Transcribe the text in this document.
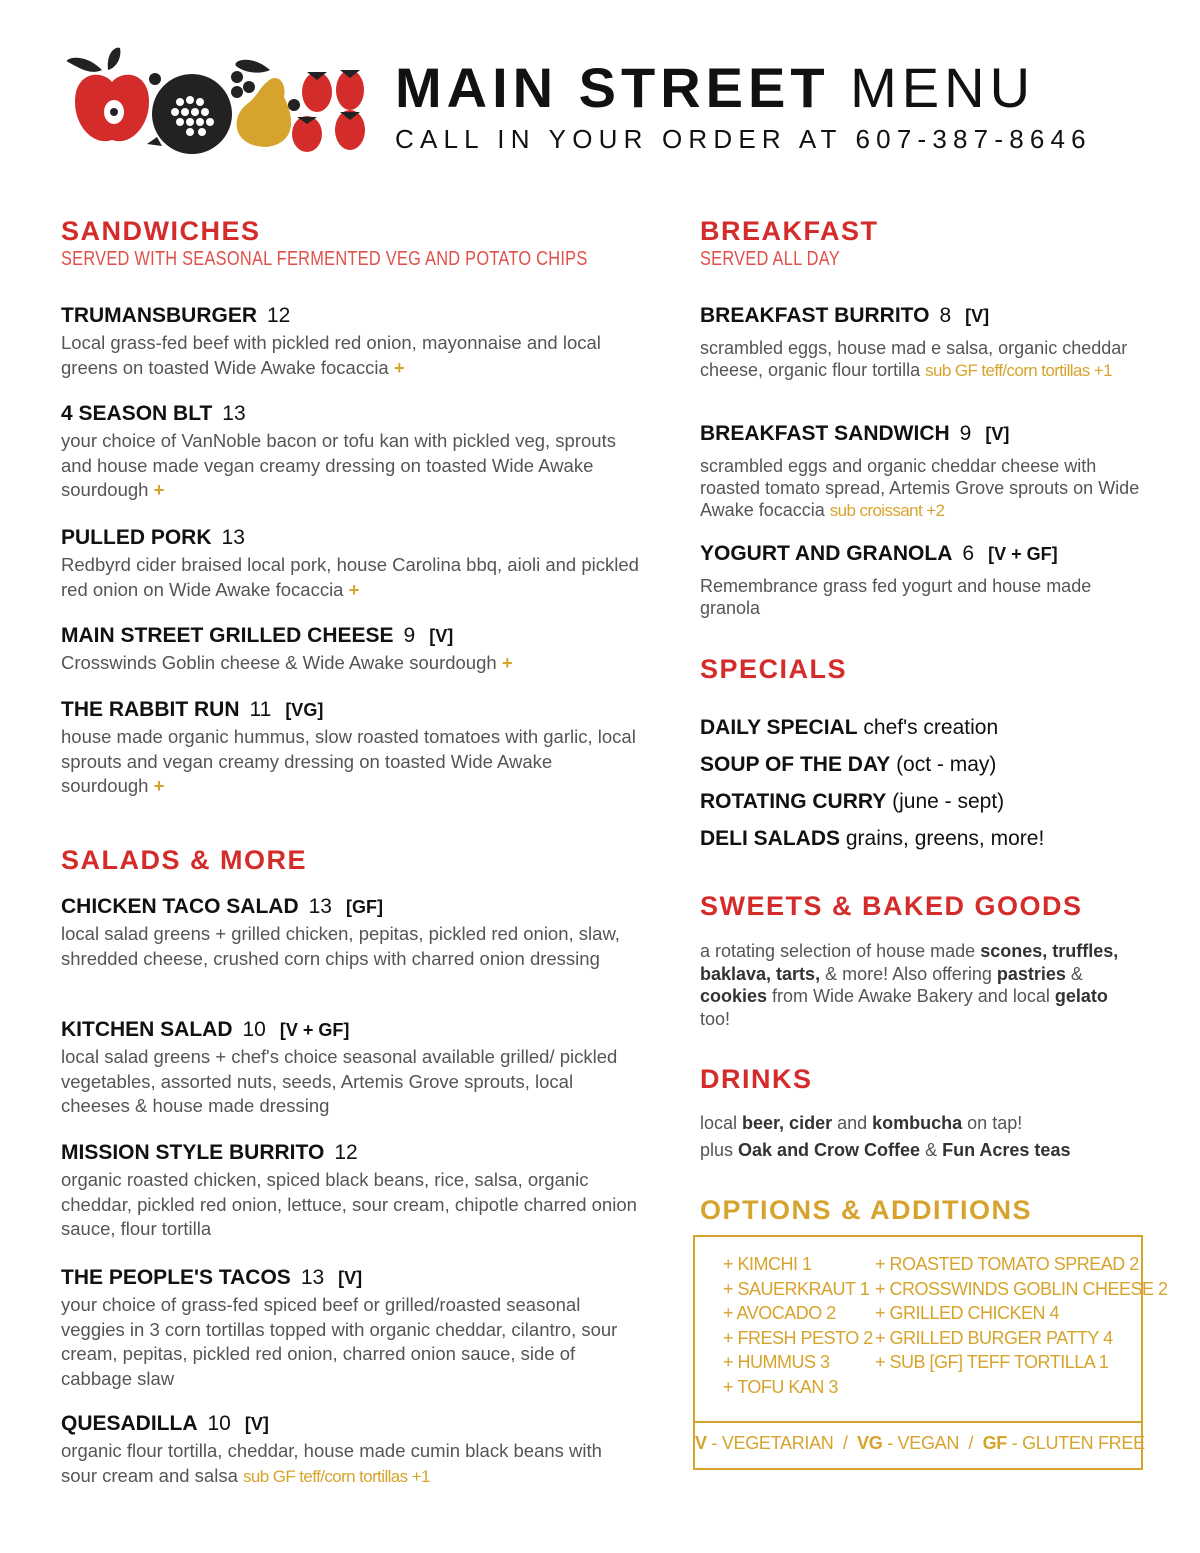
MAIN STREET MENU
CALL IN YOUR ORDER AT 607-387-8646
SANDWICHES
SERVED WITH SEASONAL FERMENTED VEG AND POTATO CHIPS
SALADS & MORE
BREAKFAST
SERVED ALL DAY
SPECIALS
SWEETS & BAKED GOODS
DRINKS
OPTIONS & ADDITIONS
TRUMANSBURGER 12
Local grass-fed beef with pickled red onion, mayonnaise and local greens on toasted Wide Awake focaccia +
4 SEASON BLT 13
your choice of VanNoble bacon or tofu kan with pickled veg, sprouts and house made vegan creamy dressing on toasted Wide Awake sourdough +
PULLED PORK 13
Redbyrd cider braised local pork, house Carolina bbq, aioli and pickled red onion on Wide Awake focaccia +
MAIN STREET GRILLED CHEESE 9 [V]
Crosswinds Goblin cheese & Wide Awake sourdough +
THE RABBIT RUN 11 [VG]
house made organic hummus, slow roasted tomatoes with garlic, local sprouts and vegan creamy dressing on toasted Wide Awake sourdough +
CHICKEN TACO SALAD 13 [GF]
local salad greens + grilled chicken, pepitas, pickled red onion, slaw, shredded cheese, crushed corn chips with charred onion dressing
KITCHEN SALAD 10 [V + GF]
local salad greens + chef's choice seasonal available grilled/ pickled vegetables, assorted nuts, seeds, Artemis Grove sprouts, local cheeses & house made dressing
MISSION STYLE BURRITO 12
organic roasted chicken, spiced black beans, rice, salsa, organic cheddar, pickled red onion, lettuce, sour cream, chipotle charred onion sauce, flour tortilla
THE PEOPLE'S TACOS 13 [V]
your choice of grass-fed spiced beef or grilled/roasted seasonal veggies in 3 corn tortillas topped with organic cheddar, cilantro, sour cream, pepitas, pickled red onion, charred onion sauce, side of cabbage slaw
QUESADILLA 10 [V]
organic flour tortilla, cheddar, house made cumin black beans with sour cream and salsa sub GF teff/corn tortillas +1
BREAKFAST BURRITO 8 [V]
scrambled eggs, house mad e salsa, organic cheddar cheese, organic flour tortilla sub GF teff/corn tortillas +1
BREAKFAST SANDWICH 9 [V]
scrambled eggs and organic cheddar cheese with roasted tomato spread, Artemis Grove sprouts on Wide Awake focaccia sub croissant +2
YOGURT AND GRANOLA 6 [V + GF]
Remembrance grass fed yogurt and house made granola
DAILY SPECIAL chef's creation
SOUP OF THE DAY (oct - may)
ROTATING CURRY (june - sept)
DELI SALADS grains, greens, more!
a rotating selection of house made scones, truffles, baklava, tarts, & more! Also offering pastries & cookies from Wide Awake Bakery and local gelato too!
local beer, cider and kombucha on tap!
plus Oak and Crow Coffee & Fun Acres teas
+ KIMCHI 1
+ SAUERKRAUT 1
+ AVOCADO 2
+ FRESH PESTO 2
+ HUMMUS 3
+ TOFU KAN 3
+ ROASTED TOMATO SPREAD 2
+ CROSSWINDS GOBLIN CHEESE 2
+ GRILLED CHICKEN 4
+ GRILLED BURGER PATTY 4
+ SUB [GF] TEFF TORTILLA 1
V - VEGETARIAN  /  VG - VEGAN  /  GF - GLUTEN FREE
